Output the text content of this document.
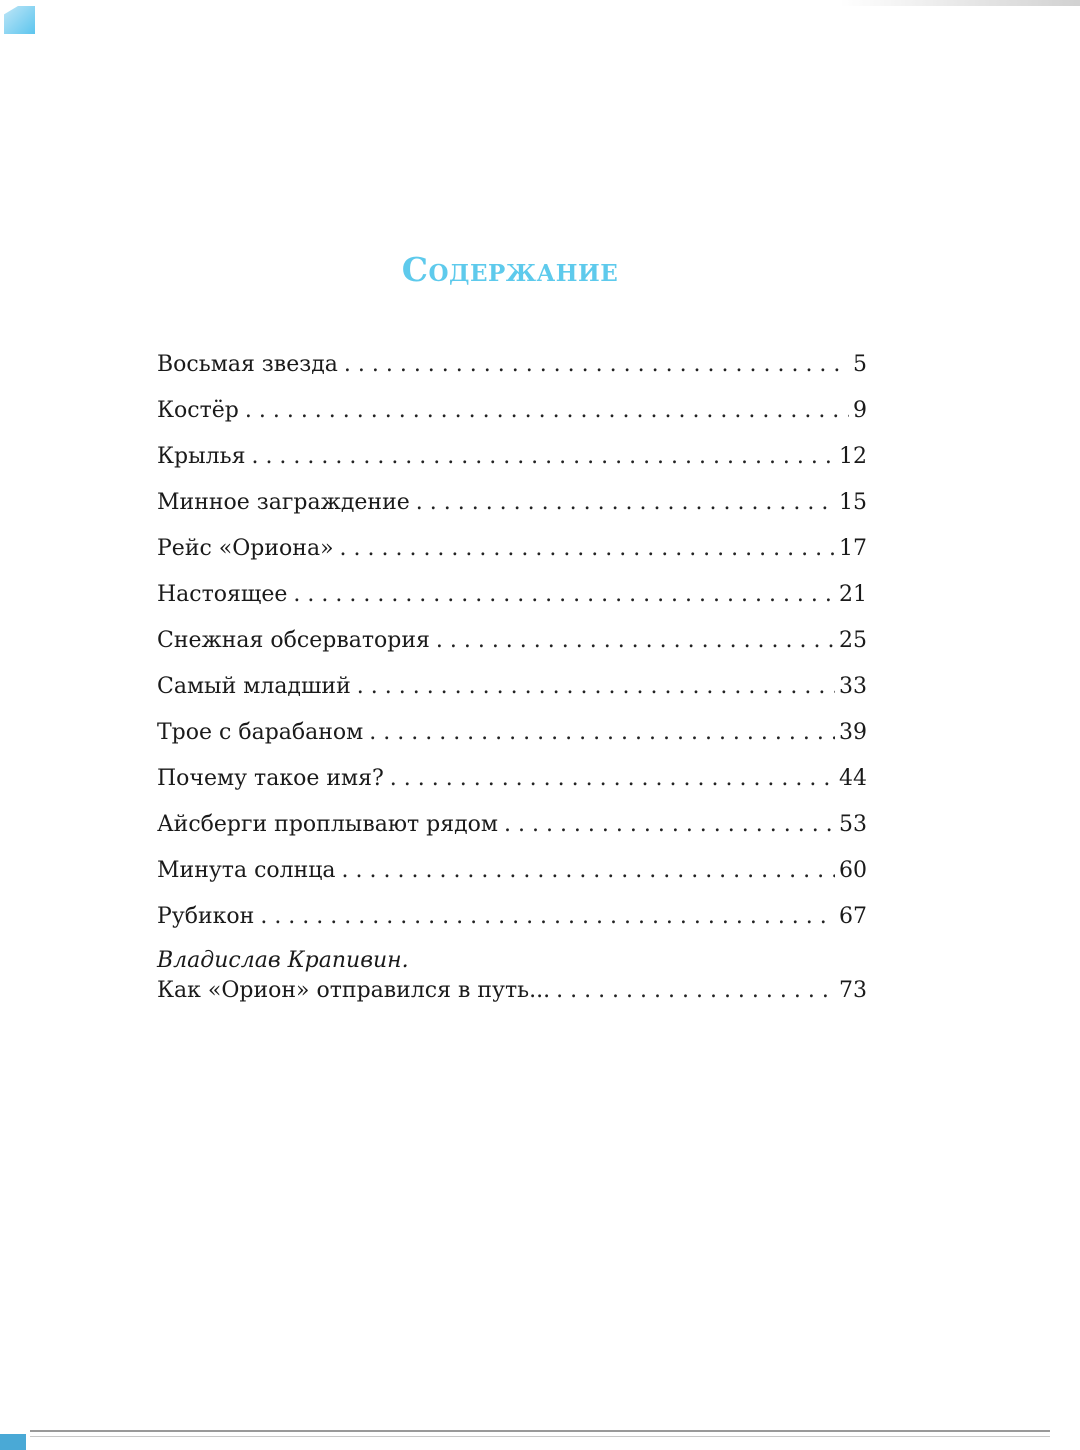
Содержание
Восьмая звезда . . .	5
Костёр . . .	9
Крылья . . .	12
Минное заграждение . . .	15
Рейс «Ориона» . . .	17
Настоящее . . .	21
Снежная обсерватория . . .	25
Самый младший . . .	33
Трое с барабаном . . .	39
Почему такое имя? . . .	44
Айсберги проплывают рядом . . .	53
Минута солнца . . .	60
Рубикон . . .	67
Владислав Крапивин.
Как «Орион» отправился в путь... . . .	73
